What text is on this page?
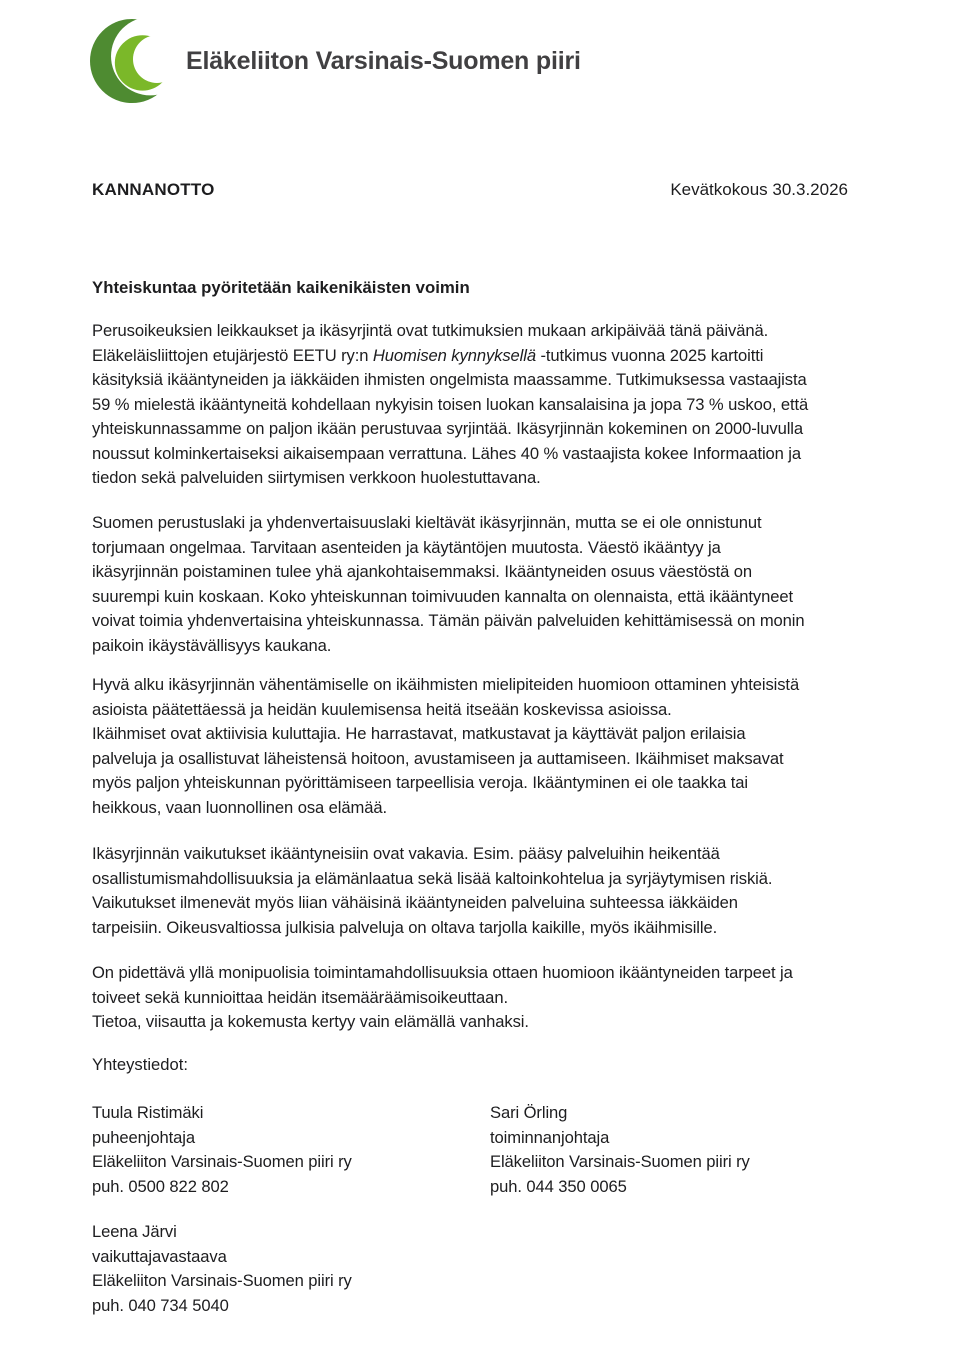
Eläkeliiton Varsinais-Suomen piiri
KANNANOTTO	Kevätkokous 30.3.2026
Yhteiskuntaa pyöritetään kaikenikäisten voimin
Perusoikeuksien leikkaukset ja ikäsyrjintä ovat tutkimuksien mukaan arkipäivää tänä päivänä.
Eläkeläisliittojen etujärjestö EETU ry:n Huomisen kynnyksellä -tutkimus vuonna 2025 kartoitti
käsityksiä ikääntyneiden ja iäkkäiden ihmisten ongelmista maassamme. Tutkimuksessa vastaajista
59 % mielestä ikääntyneitä kohdellaan nykyisin toisen luokan kansalaisina ja jopa 73 % uskoo, että
yhteiskunnassamme on paljon ikään perustuvaa syrjintää. Ikäsyrjinnän kokeminen on 2000-luvulla
noussut kolminkertaiseksi aikaisempaan verrattuna. Lähes 40 % vastaajista kokee Informaation ja
tiedon sekä palveluiden siirtymisen verkkoon huolestuttavana.
Suomen perustuslaki ja yhdenvertaisuuslaki kieltävät ikäsyrjinnän, mutta se ei ole onnistunut
torjumaan ongelmaa. Tarvitaan asenteiden ja käytäntöjen muutosta. Väestö ikääntyy ja
ikäsyrjinnän poistaminen tulee yhä ajankohtaisemmaksi. Ikääntyneiden osuus väestöstä on
suurempi kuin koskaan. Koko yhteiskunnan toimivuuden kannalta on olennaista, että ikääntyneet
voivat toimia yhdenvertaisina yhteiskunnassa. Tämän päivän palveluiden kehittämisessä on monin
paikoin ikäystävällisyys kaukana.
Hyvä alku ikäsyrjinnän vähentämiselle on ikäihmisten mielipiteiden huomioon ottaminen yhteisistä
asioista päätettäessä ja heidän kuulemisensa heitä itseään koskevissa asioissa.
Ikäihmiset ovat aktiivisia kuluttajia. He harrastavat, matkustavat ja käyttävät paljon erilaisia
palveluja ja osallistuvat läheistensä hoitoon, avustamiseen ja auttamiseen. Ikäihmiset maksavat
myös paljon yhteiskunnan pyörittämiseen tarpeellisia veroja. Ikääntyminen ei ole taakka tai
heikkous, vaan luonnollinen osa elämää.
Ikäsyrjinnän vaikutukset ikääntyneisiin ovat vakavia. Esim. pääsy palveluihin heikentää
osallistumismahdollisuuksia ja elämänlaatua sekä lisää kaltoinkohtelua ja syrjäytymisen riskiä.
Vaikutukset ilmenevät myös liian vähäisinä ikääntyneiden palveluina suhteessa iäkkäiden
tarpeisiin. Oikeusvaltiossa julkisia palveluja on oltava tarjolla kaikille, myös ikäihmisille.
On pidettävä yllä monipuolisia toimintamahdollisuuksia ottaen huomioon ikääntyneiden tarpeet ja
toiveet sekä kunnioittaa heidän itsemääräämisoikeuttaan.
Tietoa, viisautta ja kokemusta kertyy vain elämällä vanhaksi.
Yhteystiedot:
Tuula Ristimäki
puheenjohtaja
Eläkeliiton Varsinais-Suomen piiri ry
puh. 0500 822 802
Sari Örling
toiminnanjohtaja
Eläkeliiton Varsinais-Suomen piiri ry
puh. 044 350 0065
Leena Järvi
vaikuttajavastaava
Eläkeliiton Varsinais-Suomen piiri ry
puh. 040 734 5040
